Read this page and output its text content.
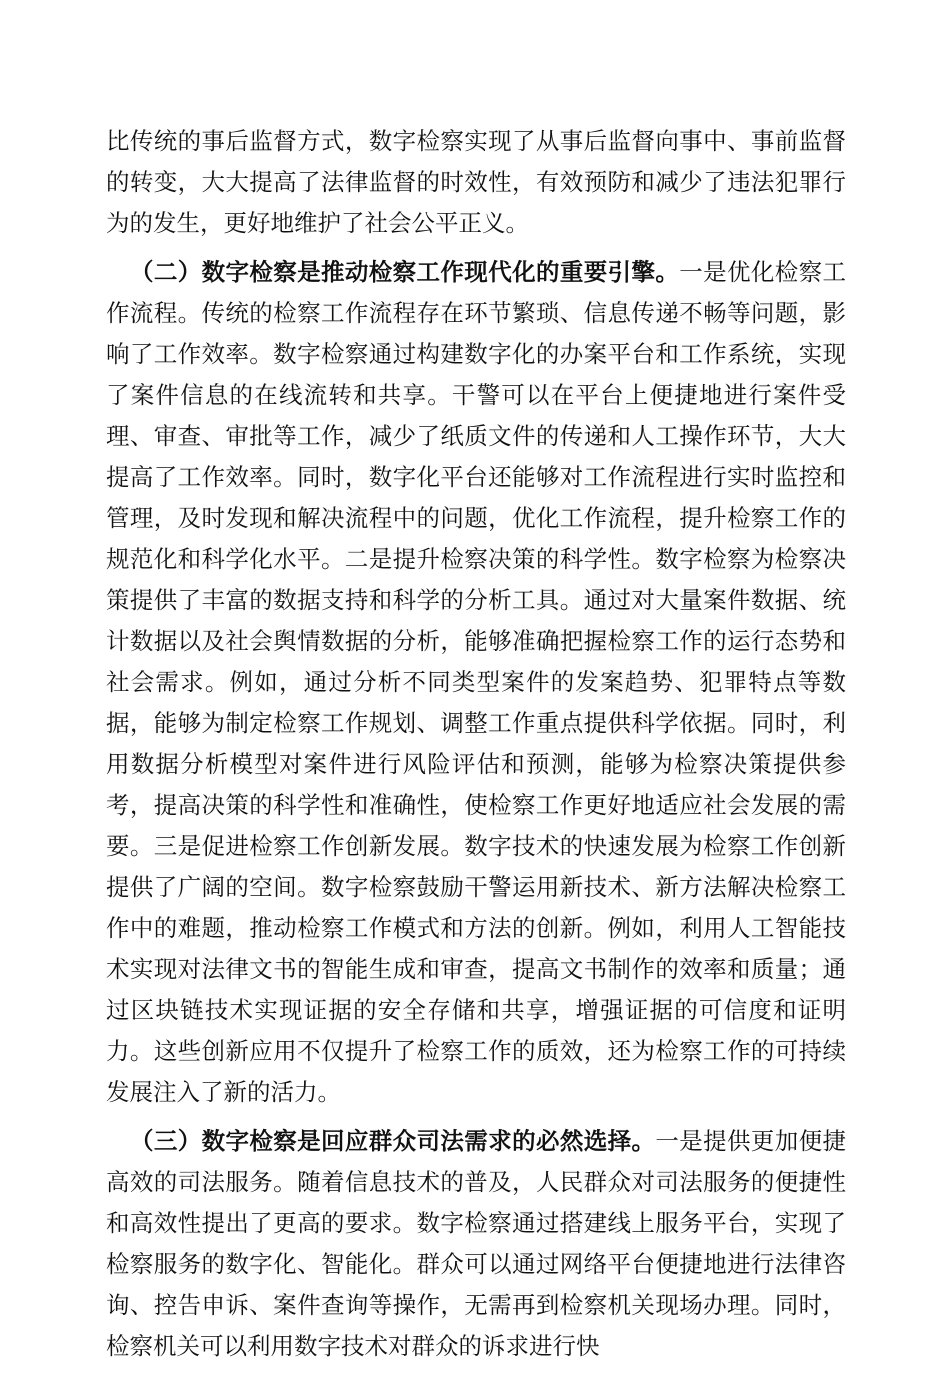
比传统的事后监督方式，数字检察实现了从事后监督向事中、事前监督的转变，大大提高了法律监督的时效性，有效预防和减少了违法犯罪行为的发生，更好地维护了社会公平正义。

（二）数字检察是推动检察工作现代化的重要引擎。一是优化检察工作流程。传统的检察工作流程存在环节繁琐、信息传递不畅等问题，影响了工作效率。数字检察通过构建数字化的办案平台和工作系统，实现了案件信息的在线流转和共享。干警可以在平台上便捷地进行案件受理、审查、审批等工作，减少了纸质文件的传递和人工操作环节，大大提高了工作效率。同时，数字化平台还能够对工作流程进行实时监控和管理，及时发现和解决流程中的问题，优化工作流程，提升检察工作的规范化和科学化水平。二是提升检察决策的科学性。数字检察为检察决策提供了丰富的数据支持和科学的分析工具。通过对大量案件数据、统计数据以及社会舆情数据的分析，能够准确把握检察工作的运行态势和社会需求。例如，通过分析不同类型案件的发案趋势、犯罪特点等数据，能够为制定检察工作规划、调整工作重点提供科学依据。同时，利用数据分析模型对案件进行风险评估和预测，能够为检察决策提供参考，提高决策的科学性和准确性，使检察工作更好地适应社会发展的需要。三是促进检察工作创新发展。数字技术的快速发展为检察工作创新提供了广阔的空间。数字检察鼓励干警运用新技术、新方法解决检察工作中的难题，推动检察工作模式和方法的创新。例如，利用人工智能技术实现对法律文书的智能生成和审查，提高文书制作的效率和质量；通过区块链技术实现证据的安全存储和共享，增强证据的可信度和证明力。这些创新应用不仅提升了检察工作的质效，还为检察工作的可持续发展注入了新的活力。

（三）数字检察是回应群众司法需求的必然选择。一是提供更加便捷高效的司法服务。随着信息技术的普及，人民群众对司法服务的便捷性和高效性提出了更高的要求。数字检察通过搭建线上服务平台，实现了检察服务的数字化、智能化。群众可以通过网络平台便捷地进行法律咨询、控告申诉、案件查询等操作，无需再到检察机关现场办理。同时，检察机关可以利用数字技术对群众的诉求进行快
